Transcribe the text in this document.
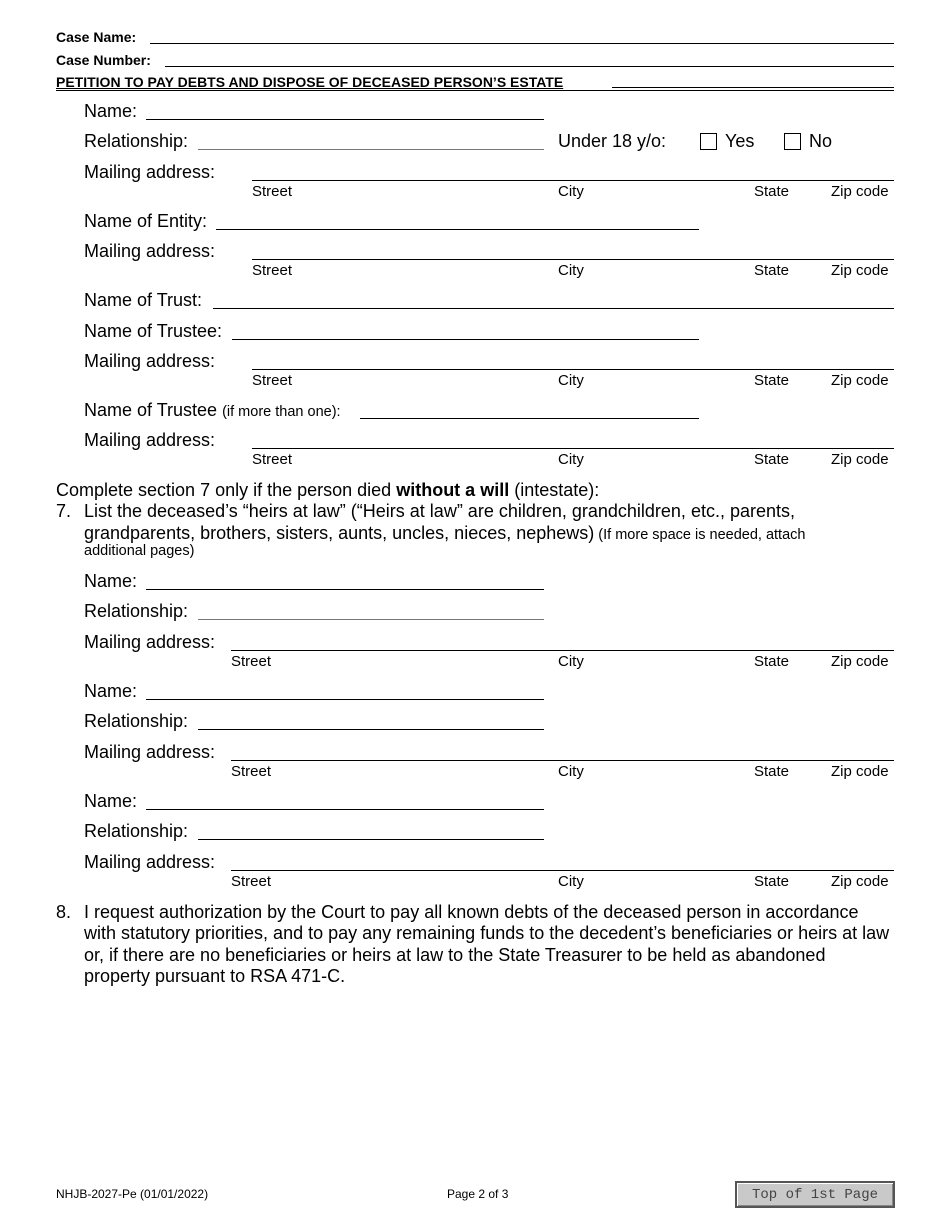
Case Name:
Case Number:
PETITION TO PAY DEBTS AND DISPOSE OF DECEASED PERSON’S ESTATE
Name:
Relationship:	Under 18 y/o:	Yes	No
Mailing address:
Street	City	State	Zip code
Name of Entity:
Mailing address:
Street	City	State	Zip code
Name of Trust:
Name of Trustee:
Mailing address:
Street	City	State	Zip code
Name of Trustee (if more than one):
Mailing address:
Street	City	State	Zip code
Complete section 7 only if the person died without a will (intestate):
7. List the deceased’s “heirs at law” (“Heirs at law” are children, grandchildren, etc., parents,
grandparents, brothers, sisters, aunts, uncles, nieces, nephews) (If more space is needed, attach
additional pages)
Name:
Relationship:
Mailing address:
Street	City	State	Zip code
Name:
Relationship:
Mailing address:
Street	City	State	Zip code
Name:
Relationship:
Mailing address:
Street	City	State	Zip code
8. I request authorization by the Court to pay all known debts of the deceased person in accordance
with statutory priorities, and to pay any remaining funds to the decedent’s beneficiaries or heirs at law
or, if there are no beneficiaries or heirs at law to the State Treasurer to be held as abandoned
property pursuant to RSA 471-C.
NHJB-2027-Pe (01/01/2022)	Page 2 of 3	Top of 1st Page
